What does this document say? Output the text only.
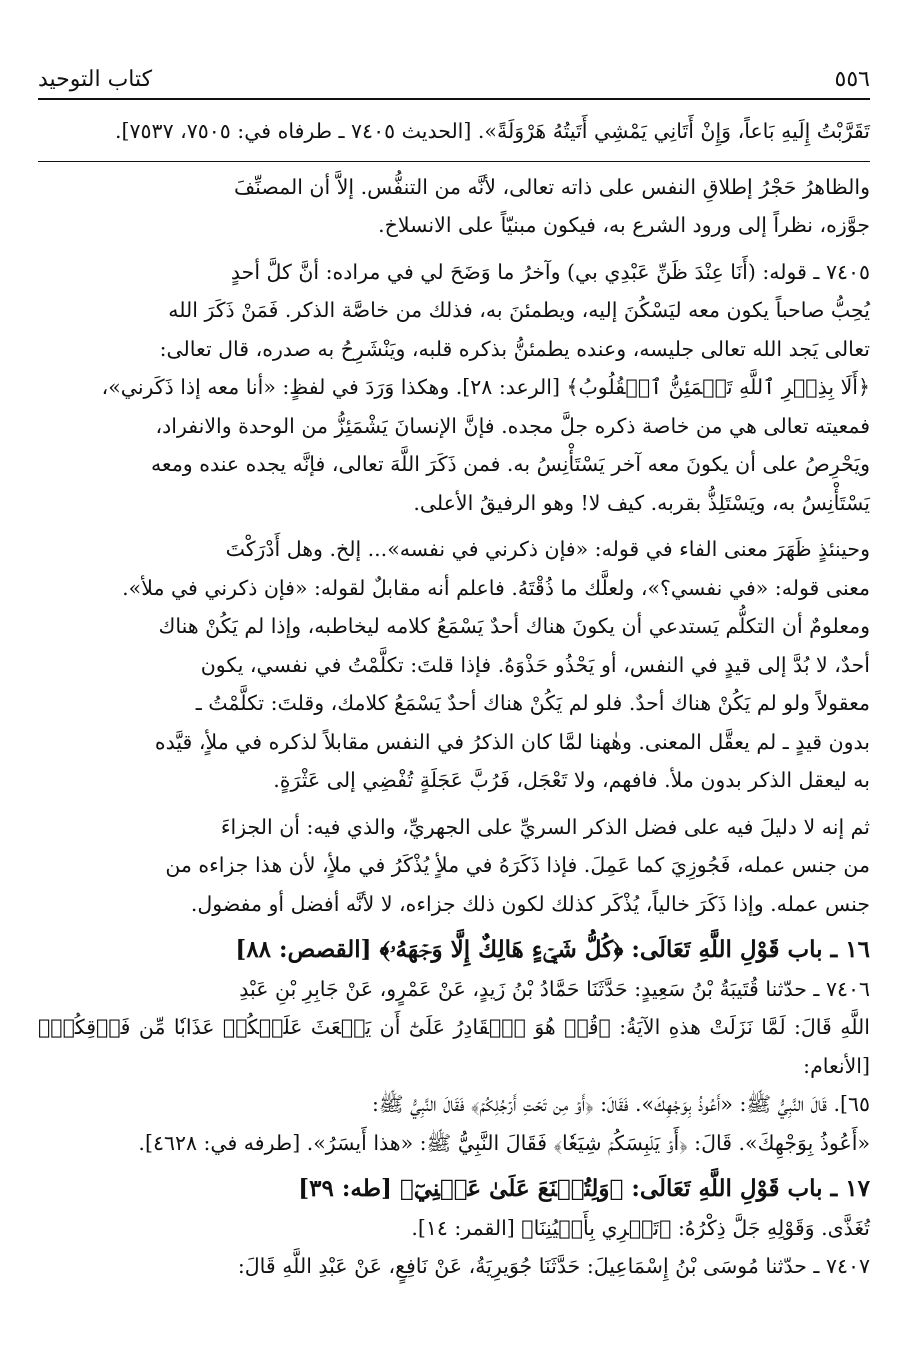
٥٥٦
كتاب التوحيد

تَقَرَّبْتُ إِلَيهِ بَاعاً، وَإِنْ أَتَانِي يَمْشِي أَتَيتُهُ هَرْوَلَةً». [الحديث ٧٤٠٥ ـ طرفاه في: ٧٥٠٥، ٧٥٣٧].

والظاهرُ حَجْرُ إطلاقِ النفس على ذاته تعالى، لأنَّه من التنفُّس. إلاَّ أن المصنِّفَ

جوَّزه، نظراً إلى ورود الشرع به، فيكون مبنيّاً على الانسلاخ.

٧٤٠٥ ـ قوله: (أَنَا عِنْدَ ظَنِّ عَبْدِي بي) وآخرُ ما وَضَحَ لي في مراده: أنَّ كلَّ أحدٍ

يُحِبُّ صاحباً يكون معه ليَسْكُنَ إليه، ويطمئنَ به، فذلك من خاصَّة الذكر. فَمَنْ ذَكَرَ الله

تعالى يَجد الله تعالى جليسه، وعنده يطمئنُّ بذكره قلبه، ويَنْشَرِحُ به صدره، قال تعالى:

﴿أَلَا بِذِكۡرِ ٱللَّهِ تَطۡمَئِنُّ ٱلۡقُلُوبُ﴾ [الرعد: ٢٨]. وهكذا وَرَدَ في لفظٍ: «أنا معه إذا ذَكَرني»،

فمعيته تعالى هي من خاصة ذكره جلَّ مجده. فإنَّ الإنسانَ يَشْمَئِزُّ من الوحدة والانفراد،

ويَحْرِصُ على أن يكونَ معه آخر يَسْتَأْنِسُ به. فمن ذَكَرَ اللَّهَ تعالى، فإنَّه يجده عنده ومعه

يَسْتَأْنِسُ به، ويَسْتَلِذُّ بقربه. كيف لا! وهو الرفيقُ الأعلى.

وحينئذٍ ظَهَرَ معنى الفاء في قوله: «فإن ذكرني في نفسه»... إلخ. وهل أَدْرَكْتَ

معنى قوله: «في نفسي؟»، ولعلَّك ما ذُقْتَهُ. فاعلم أنه مقابلٌ لقوله: «فإن ذكرني في ملأ».

ومعلومٌ أن التكلُّم يَستدعي أن يكونَ هناك أحدٌ يَسْمَعُ كلامه ليخاطبه، وإذا لم يَكُنْ هناك

أحدٌ، لا بُدَّ إلى قيدٍ في النفس، أو يَحْذُو حَذْوَهُ. فإذا قلتَ: تكلَّمْتُ في نفسي، يكون

معقولاً ولو لم يَكُنْ هناك أحدٌ. فلو لم يَكُنْ هناك أحدٌ يَسْمَعُ كلامك، وقلتَ: تكلَّمْتُ ـ

بدون قيدٍ ـ لم يعقَّل المعنى. وهٰهنا لمَّا كان الذكرُ في النفس مقابلاً لذكره في ملأٍ، قيَّده

به ليعقل الذكر بدون ملأ. فافهم، ولا تَعْجَل، فَرُبَّ عَجَلَةٍ تُفْضِي إلى عَثْرَةٍ.

ثم إنه لا دليلَ فيه على فضل الذكر السريِّ على الجهريِّ، والذي فيه: أن الجزاءَ

من جنس عمله، فَجُوزِيَ كما عَمِلَ. فإذا ذَكَرَهُ في ملأٍ يُذْكَرُ في ملأٍ، لأن هذا جزاءه من

جنس عمله. وإذا ذَكَرَ خالياً، يُذْكَر كذلك لكون ذلك جزاءه، لا لأنَّه أفضل أو مفضول.

١٦ ـ باب قَوْلِ اللَّهِ تَعَالَى: ﴿كُلُّ شَيۡءٍ هَالِكٌ إِلَّا وَجۡهَهُۥ﴾ [القصص: ٨٨]

٧٤٠٦ ـ حدّثنا قُتَيبَةُ بْنُ سَعِيدٍ: حَدَّثَنَا حَمَّادُ بْنُ زَيدٍ، عَنْ عَمْرٍو، عَنْ جَابِرِ بْنِ عَبْدِ

اللَّهِ قَالَ: لَمَّا نَزَلَتْ هذهِ الآيَةُ: ﴿قُلۡ هُوَ ٱلۡقَادِرُ عَلَىٰٓ أَن يَبۡعَثَ عَلَيۡكُمۡ عَذَابٗا مِّن فَوۡقِكُمۡ﴾ [الأنعام:

٦٥]. قَالَ النَّبِيُّ ﷺ: «أَعُوذُ بِوَجْهِكَ». فَقَالَ: ﴿أَوۡ مِن تَحۡتِ أَرۡجُلِكُمۡ﴾ فَقَالَ النَّبِيُّ ﷺ:

«أَعُوذُ بِوَجْهِكَ». قَالَ: ﴿أَوۡ يَلۡبِسَكُمۡ شِيَعٗا﴾ فَقَالَ النَّبِيُّ ﷺ: «هذا أَيسَرُ». [طرفه في: ٤٦٢٨].

١٧ ـ باب قَوْلِ اللَّهِ تَعَالَى: ﴿وَلِتُصۡنَعَ عَلَىٰ عَيۡنِيٓ﴾ [طه: ٣٩]

تُغَذَّى. وَقَوْلِهِ جَلَّ ذِكْرُهُ: ﴿تَجۡرِي بِأَعۡيُنِنَا﴾ [القمر: ١٤].

٧٤٠٧ ـ حدّثنا مُوسَى بْنُ إِسْمَاعِيلَ: حَدَّثَنَا جُوَيرِيَةُ، عَنْ نَافِعٍ، عَنْ عَبْدِ اللَّهِ قَالَ:
